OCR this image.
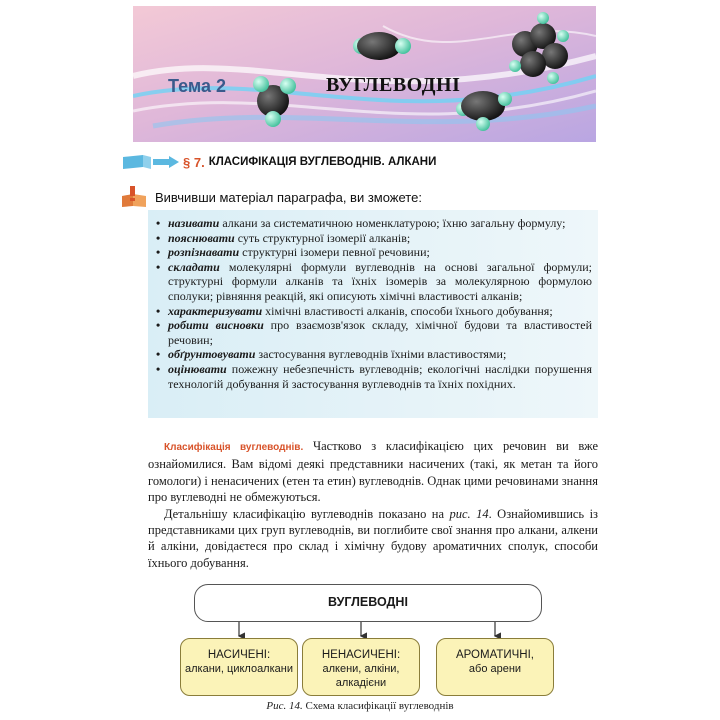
Тема 2	ВУГЛЕВОДНІ
§ 7. КЛАСИФІКАЦІЯ ВУГЛЕВОДНІВ. АЛКАНИ
Вивчивши матеріал параграфа, ви зможете:
• називати алкани за систематичною номенклатурою; їхню загальну формулу;
• пояснювати суть структурної ізомерії алканів;
• розпізнавати структурні ізомери певної речовини;
• складати молекулярні формули вуглеводнів на основі загальної формули; структурні формули алканів та їхніх ізомерів за молекулярною формулою сполуки; рівняння реакцій, які описують хімічні властивості алканів;
• характеризувати хімічні властивості алканів, способи їхнього добування;
• робити висновки про взаємозв'язок складу, хімічної будови та властивостей речовин;
• обґрунтовувати застосування вуглеводнів їхніми властивостями;
• оцінювати пожежну небезпечність вуглеводнів; екологічні наслідки порушення технологій добування й застосування вуглеводнів та їхніх похідних.

Класифікація вуглеводнів. Частково з класифікацією цих речовин ви вже ознайомилися. Вам відомі деякі представники насичених (такі, як метан та його гомологи) і ненасичених (етен та етин) вуглеводнів. Однак цими речовинами знання про вуглеводні не обмежуються.

Детальнішу класифікацію вуглеводнів показано на рис. 14. Ознайомившись із представниками цих груп вуглеводнів, ви поглибите свої знання про алкани, алкени й алкіни, довідаєтеся про склад і хімічну будову ароматичних сполук, способи їхнього добування.

ВУГЛЕВОДНІ
НАСИЧЕНІ:
алкани, циклоалкани
НЕНАСИЧЕНІ:
алкени, алкіни, алкадієни
АРОМАТИЧНІ,
або арени
Рис. 14. Схема класифікації вуглеводнів
